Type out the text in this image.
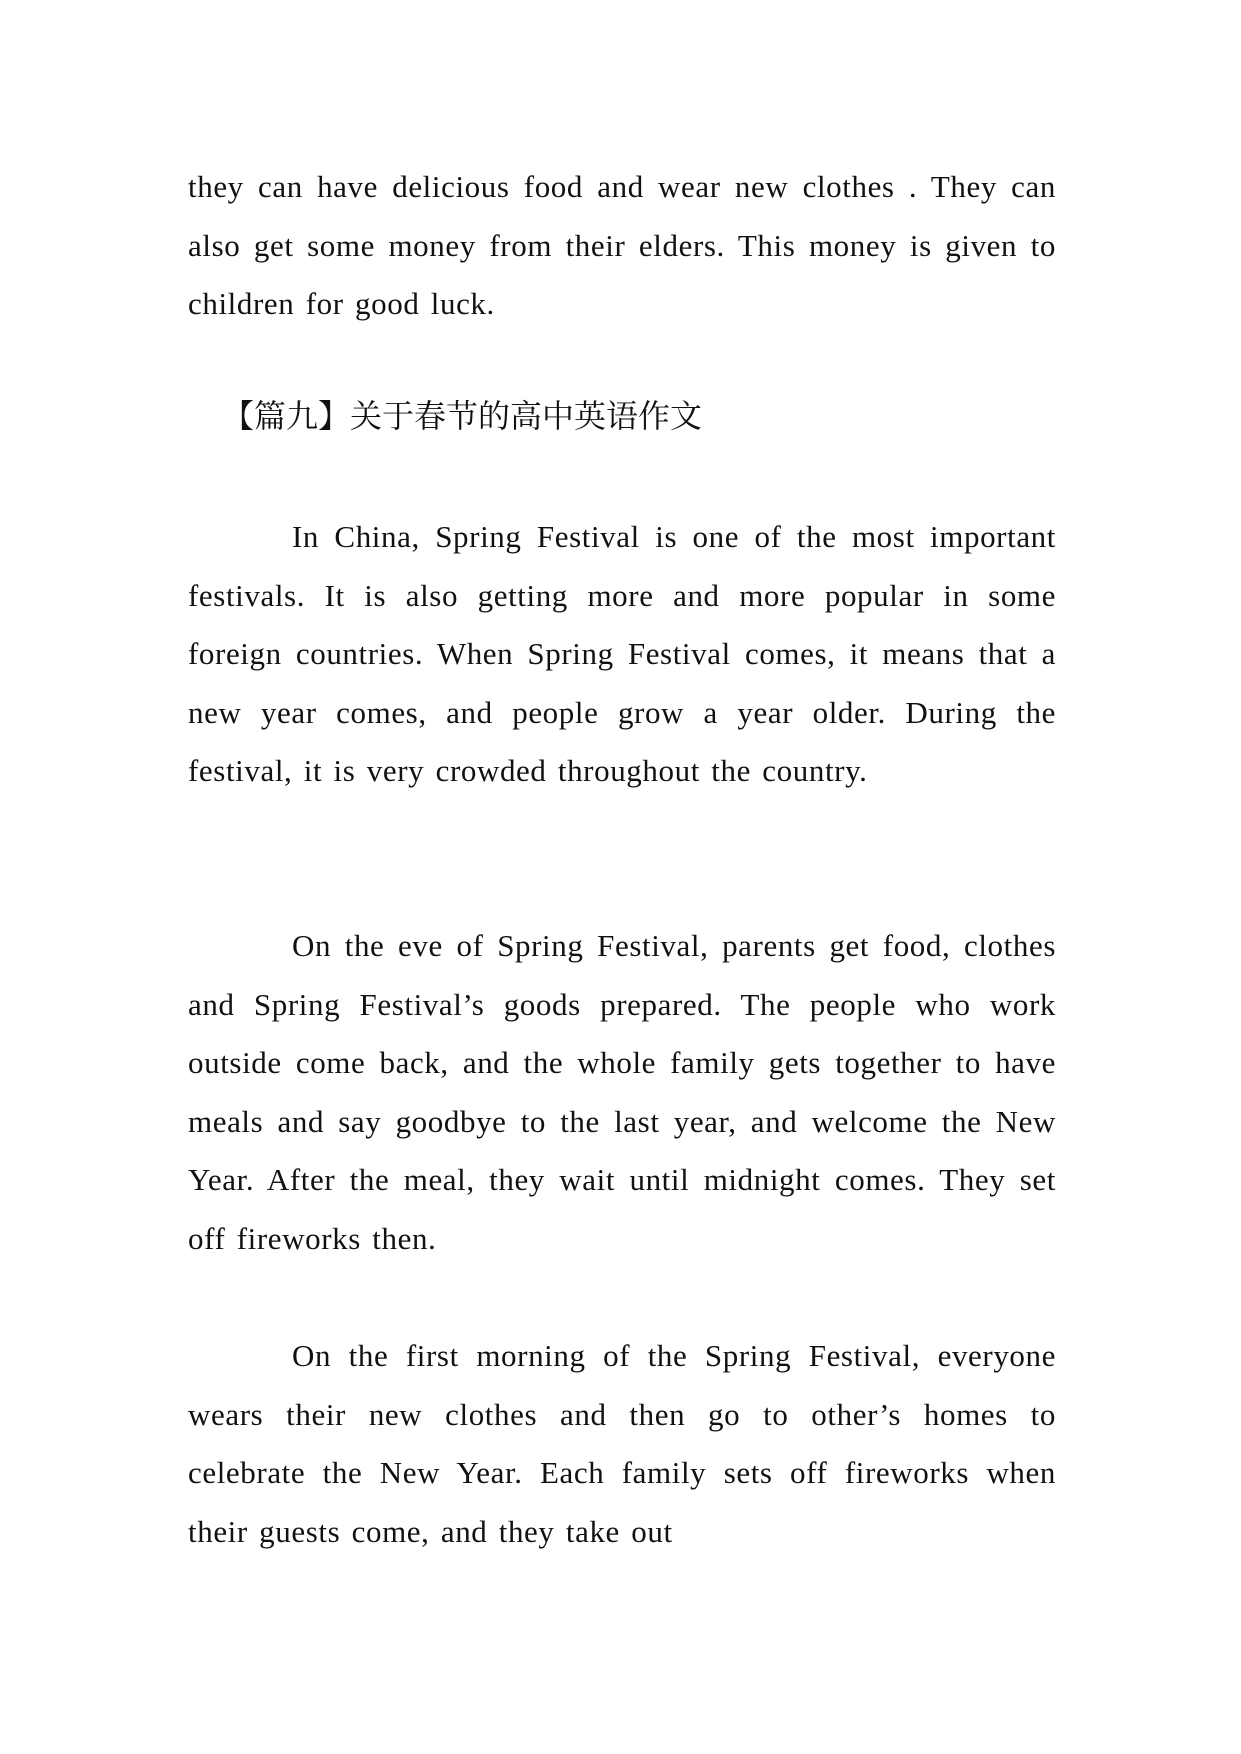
they can have delicious food and wear new clothes . They can also get some money from their elders. This money is given to children for good luck.

【篇九】关于春节的高中英语作文

In China, Spring Festival is one of the most important festivals. It is also getting more and more popular in some foreign countries. When Spring Festival comes, it means that a new year comes, and people grow a year older. During the festival, it is very crowded throughout the country.

On the eve of Spring Festival, parents get food, clothes and Spring Festival’s goods prepared. The people who work outside come back, and the whole family gets together to have meals and say goodbye to the last year, and welcome the New Year. After the meal, they wait until midnight comes. They set off fireworks then.

On the first morning of the Spring Festival, everyone wears their new clothes and then go to other’s homes to celebrate the New Year. Each family sets off fireworks when their guests come, and they take out
